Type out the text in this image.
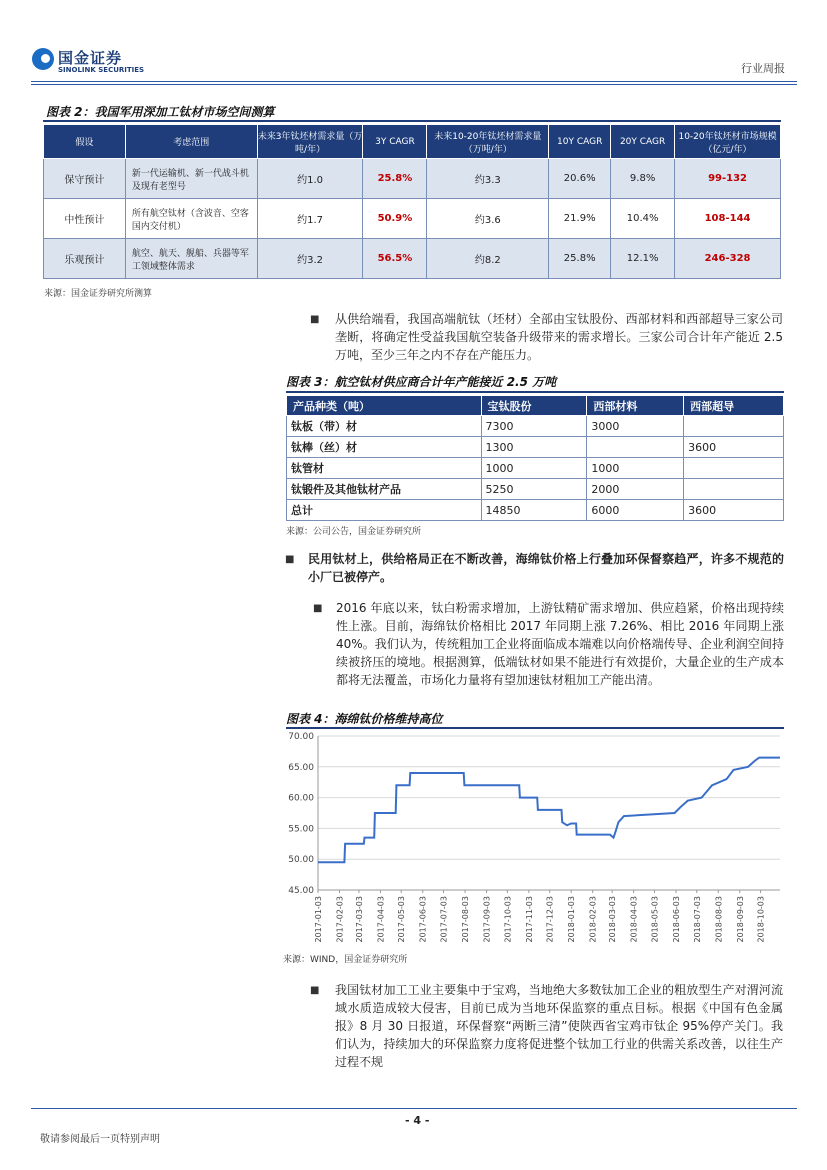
国金证券
SINOLINK SECURITIES	行业周报
图表 2：我国军用深加工钛材市场空间测算
假设	考虑范围	未来3年钛坯材需求量（万吨/年）	3Y CAGR	未来10-20年钛坯材需求量（万吨/年）	10Y CAGR	20Y CAGR	10-20年钛坯材市场规模（亿元/年）
保守预计	新一代运输机、新一代战斗机及现有老型号	约1.0	25.8%	约3.3	20.6%	9.8%	99-132
中性预计	所有航空钛材（含波音、空客国内交付机）	约1.7	50.9%	约3.6	21.9%	10.4%	108-144
乐观预计	航空、航天、舰船、兵器等军工领域整体需求	约3.2	56.5%	约8.2	25.8%	12.1%	246-328
来源：国金证券研究所测算
■ 从供给端看，我国高端航钛（坯材）全部由宝钛股份、西部材料和西部超导三家公司垄断，将确定性受益我国航空装备升级带来的需求增长。三家公司合计年产能近 2.5 万吨，至少三年之内不存在产能压力。
图表 3：航空钛材供应商合计年产能接近 2.5 万吨
产品种类（吨）	宝钛股份	西部材料	西部超导
钛板（带）材	7300	3000	
钛棒（丝）材	1300		3600
钛管材	1000	1000	
钛锻件及其他钛材产品	5250	2000	
总计	14850	6000	3600
来源：公司公告，国金证券研究所
■ 民用钛材上，供给格局正在不断改善，海绵钛价格上行叠加环保督察趋严，许多不规范的小厂已被停产。
■ 2016 年底以来，钛白粉需求增加，上游钛精矿需求增加、供应趋紧，价格出现持续性上涨。目前，海绵钛价格相比 2017 年同期上涨 7.26%、相比 2016 年同期上涨 40%。我们认为，传统粗加工企业将面临成本端难以向价格端传导、企业利润空间持续被挤压的境地。根据测算，低端钛材如果不能进行有效提价，大量企业的生产成本都将无法覆盖，市场化力量将有望加速钛材粗加工产能出清。
图表 4：海绵钛价格维持高位
70.00
65.00
60.00
55.00
50.00
45.00
2017-01-03 2017-02-03 2017-03-03 2017-04-03 2017-05-03 2017-06-03 2017-07-03 2017-08-03 2017-09-03 2017-10-03 2017-11-03 2017-12-03 2018-01-03 2018-02-03 2018-03-03 2018-04-03 2018-05-03 2018-06-03 2018-07-03 2018-08-03 2018-09-03 2018-10-03
来源：WIND，国金证券研究所
■ 我国钛材加工工业主要集中于宝鸡，当地绝大多数钛加工企业的粗放型生产对渭河流域水质造成较大侵害，目前已成为当地环保监察的重点目标。根据《中国有色金属报》8 月 30 日报道，环保督察“两断三清”使陕西省宝鸡市钛企 95%停产关门。我们认为，持续加大的环保监察力度将促进整个钛加工行业的供需关系改善，以往生产过程不规
- 4 -
敬请参阅最后一页特别声明
